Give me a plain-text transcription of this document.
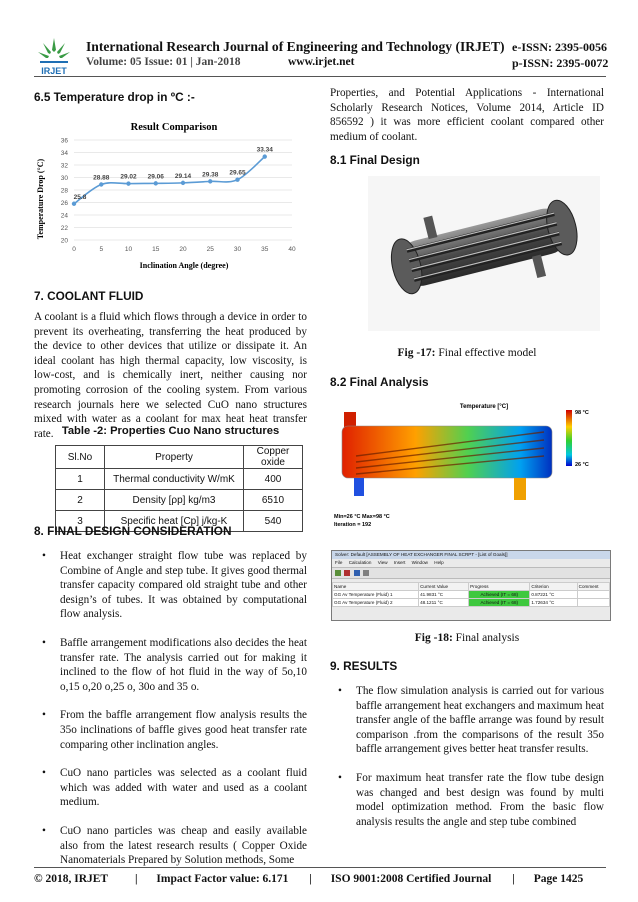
IRJET
International Research Journal of Engineering and Technology (IRJET) e-ISSN: 2395-0056
Volume: 05 Issue: 01 | Jan-2018	www.irjet.net	p-ISSN: 2395-0072
6.5 Temperature drop in ºC :-
Result Comparison
20
22
24
26
28
30
32
34
36
0	5	10	15	20	25	30	35	40
25.8
28.88 29.02 29.06 29.14 29.38 29.65
33.34
Inclination Angle (degree)
Temperature Drop (°C)
7. COOLANT FLUID
A coolant is a fluid which flows through a device in order to prevent its overheating, transferring the heat produced by the device to other devices that utilize or dissipate it. An ideal coolant has high thermal capacity, low viscosity, is low-cost, and is chemically inert, neither causing nor promoting corrosion of the cooling system. From various research journals here we selected CuO nano structures mixed with water as a coolant for max heat heat transfer rate. Table -2: Properties Cuo Nano structures
Sl.No	Property	Copper oxide
1	Thermal conductivity W/mK	400
2	Density [ρp] kg/m3	6510
3	Specific heat [Cp] j/kg-K	540
8. FINAL DESIGN CONSIDERATION
• Heat exchanger straight flow tube was replaced by Combine of Angle and step tube. It gives good thermal transfer capacity compared old straight tube and other design’s of tubes. It was obtained by computational flow analysis.
• Baffle arrangement modifications also decides the heat transfer rate. The analysis carried out for making it inclined to the flow of hot fluid in the way of 5o,10 o,15 o,20 o,25 o, 30o and 35 o.
• From the baffle arrangement flow analysis results the 35o inclinations of baffle gives good heat transfer rate comparing other inclination angles.
• CuO nano particles was selected as a coolant fluid which was added with water and used as a coolant medium.
• CuO nano particles was cheap and easily available also from the latest research results ( Copper Oxide Nanomaterials Prepared by Solution methods, Some
Properties, and Potential Applications - International Scholarly Research Notices, Volume 2014, Article ID 856592 ) it was more efficient coolant compared other medium of coolant.
8.1 Final Design
Fig -17: Final effective model
8.2 Final Analysis
Temperature [°C]
98 °C
26 °C
Min=26 °C Max=98 °C
Iteration = 192
Solver: Default [ASSEMBLY OF HEAT EXCHANGER FINAL SCRPT - [List of Goals]]
File Calculation View Insert Window Help

Name	Current Value	Progress	Criterion	Comment
GG Av Temperature (Fluid) 1	41.9831 °C	Achieved (IT = 68)	0.87221 °C	
GG Av Temperature (Fluid) 2	48.1211 °C	Achieved (IT = 68)	1.72634 °C	
Fig -18: Final analysis
9. RESULTS
• The flow simulation analysis is carried out for various baffle arrangement heat exchangers and maximum heat transfer angle of the baffle arrange was found by result comparison .from the comparisons of the result 35o baffle arrangement gives better heat transfer results.
• For maximum heat transfer rate the flow tube design was changed and best design was found by multi model optimization method. From the basic flow analysis results the angle and step tube combined
© 2018, IRJET | Impact Factor value: 6.171 | ISO 9001:2008 Certified Journal | Page 1425
